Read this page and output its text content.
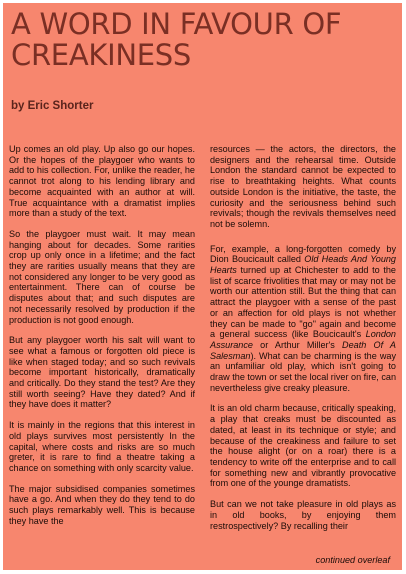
A WORD IN FAVOUR OF CREAKINESS

by Eric Shorter

Up comes an old play. Up also go our hopes. Or the hopes of the playgoer who wants to add to his collection. For, unlike the reader, he cannot trot along to his lending library and become acquainted with an author at will. True acquaintance with a dramatist implies more than a study of the text.

So the playgoer must wait. It may mean hanging about for decades. Some rarities crop up only once in a lifetime; and the fact they are rarities usually means that they are not considered any longer to be very good as entertainment. There can of course be disputes about that; and such disputes are not necessarily resolved by production if the production is not good enough.

But any playgoer worth his salt will want to see what a famous or forgotten old piece is like when staged today; and so such revivals become important historically, dramatically and critically. Do they stand the test? Are they still worth seeing? Have they dated? And if they have does it matter?

It is mainly in the regions that this interest in old plays survives most persistently In the capital, where costs and risks are so much greter, it is rare to find a theatre taking a chance on something with only scarcity value.

The major subsidised companies sometimes have a go. And when they do they tend to do such plays remarkably well. This is because they have the

resources — the actors, the directors, the designers and the rehearsal time. Outside London the standard cannot be expected to rise to breathtaking heights. What counts outside London is the initiative, the taste, the curiosity and the seriousness behind such revivals; though the revivals themselves need not be solemn.

For, example, a long-forgotten comedy by Dion Boucicault called Old Heads And Young Hearts turned up at Chichester to add to the list of scarce frivolities that may or may not be worth our attention still. But the thing that can attract the playgoer with a sense of the past or an affection for old plays is not whether they can be made to "go" again and become a general success (like Boucicault's London Assurance or Arthur Miller's Death Of A Salesman). What can be charming is the way an unfamiliar old play, which isn't going to draw the town or set the local river on fire, can nevertheless give creaky pleasure.

It is an old charm because, critically speaking, a play that creaks must be discounted as dated, at least in its technique or style; and because of the creakiness and failure to set the house alight (or on a roar) there is a tendency to write off the enterprise and to call for something new and vibrantly provocative from one of the younge dramatists.

But can we not take pleasure in old plays as in old books, by enjoying them restrospectively? By recalling their

continued overleaf
